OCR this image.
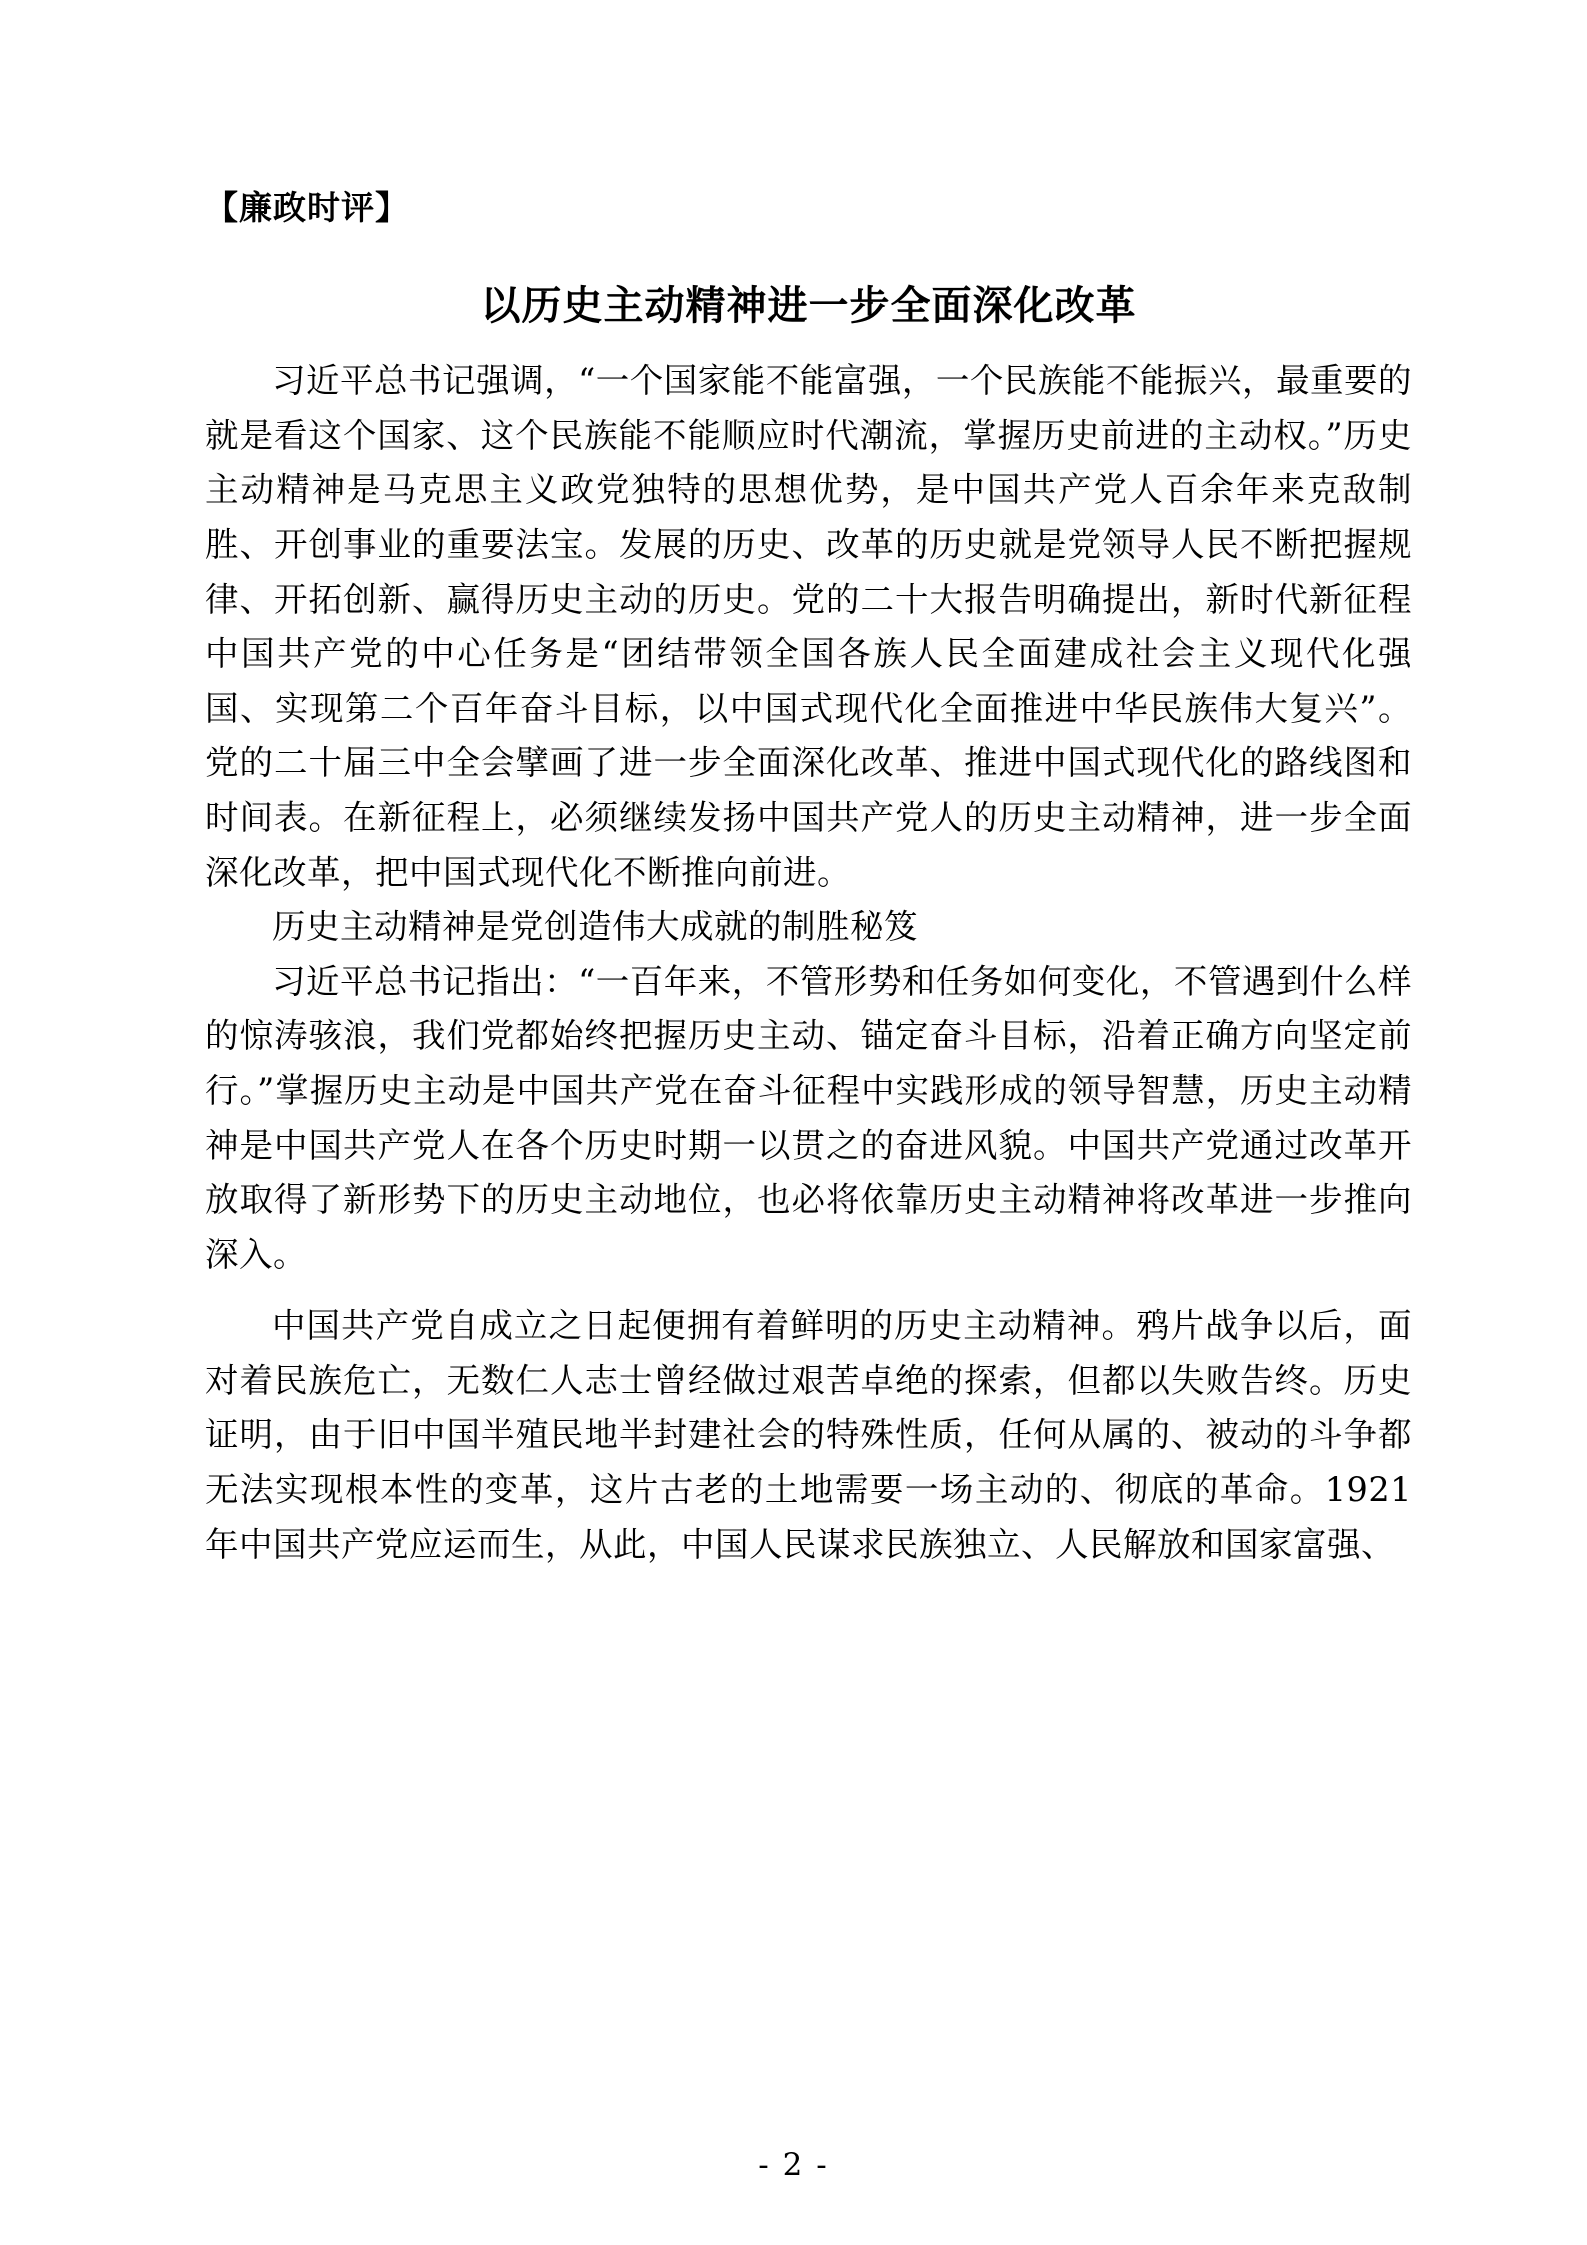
【廉政时评】
以历史主动精神进一步全面深化改革

习近平总书记强调，“一个国家能不能富强，一个民族能不能振兴，最重要的就是看这个国家、这个民族能不能顺应时代潮流，掌握历史前进的主动权。”历史主动精神是马克思主义政党独特的思想优势，是中国共产党人百余年来克敌制胜、开创事业的重要法宝。发展的历史、改革的历史就是党领导人民不断把握规律、开拓创新、赢得历史主动的历史。党的二十大报告明确提出，新时代新征程中国共产党的中心任务是“团结带领全国各族人民全面建成社会主义现代化强国、实现第二个百年奋斗目标，以中国式现代化全面推进中华民族伟大复兴”。党的二十届三中全会擘画了进一步全面深化改革、推进中国式现代化的路线图和时间表。在新征程上，必须继续发扬中国共产党人的历史主动精神，进一步全面深化改革，把中国式现代化不断推向前进。

历史主动精神是党创造伟大成就的制胜秘笈

习近平总书记指出：“一百年来，不管形势和任务如何变化，不管遇到什么样的惊涛骇浪，我们党都始终把握历史主动、锚定奋斗目标，沿着正确方向坚定前行。”掌握历史主动是中国共产党在奋斗征程中实践形成的领导智慧，历史主动精神是中国共产党人在各个历史时期一以贯之的奋进风貌。中国共产党通过改革开放取得了新形势下的历史主动地位，也必将依靠历史主动精神将改革进一步推向深入。

中国共产党自成立之日起便拥有着鲜明的历史主动精神。鸦片战争以后，面对着民族危亡，无数仁人志士曾经做过艰苦卓绝的探索，但都以失败告终。历史证明，由于旧中国半殖民地半封建社会的特殊性质，任何从属的、被动的斗争都无法实现根本性的变革，这片古老的土地需要一场主动的、彻底的革命。1921 年中国共产党应运而生，从此，中国人民谋求民族独立、人民解放和国家富强、

- 2 -
